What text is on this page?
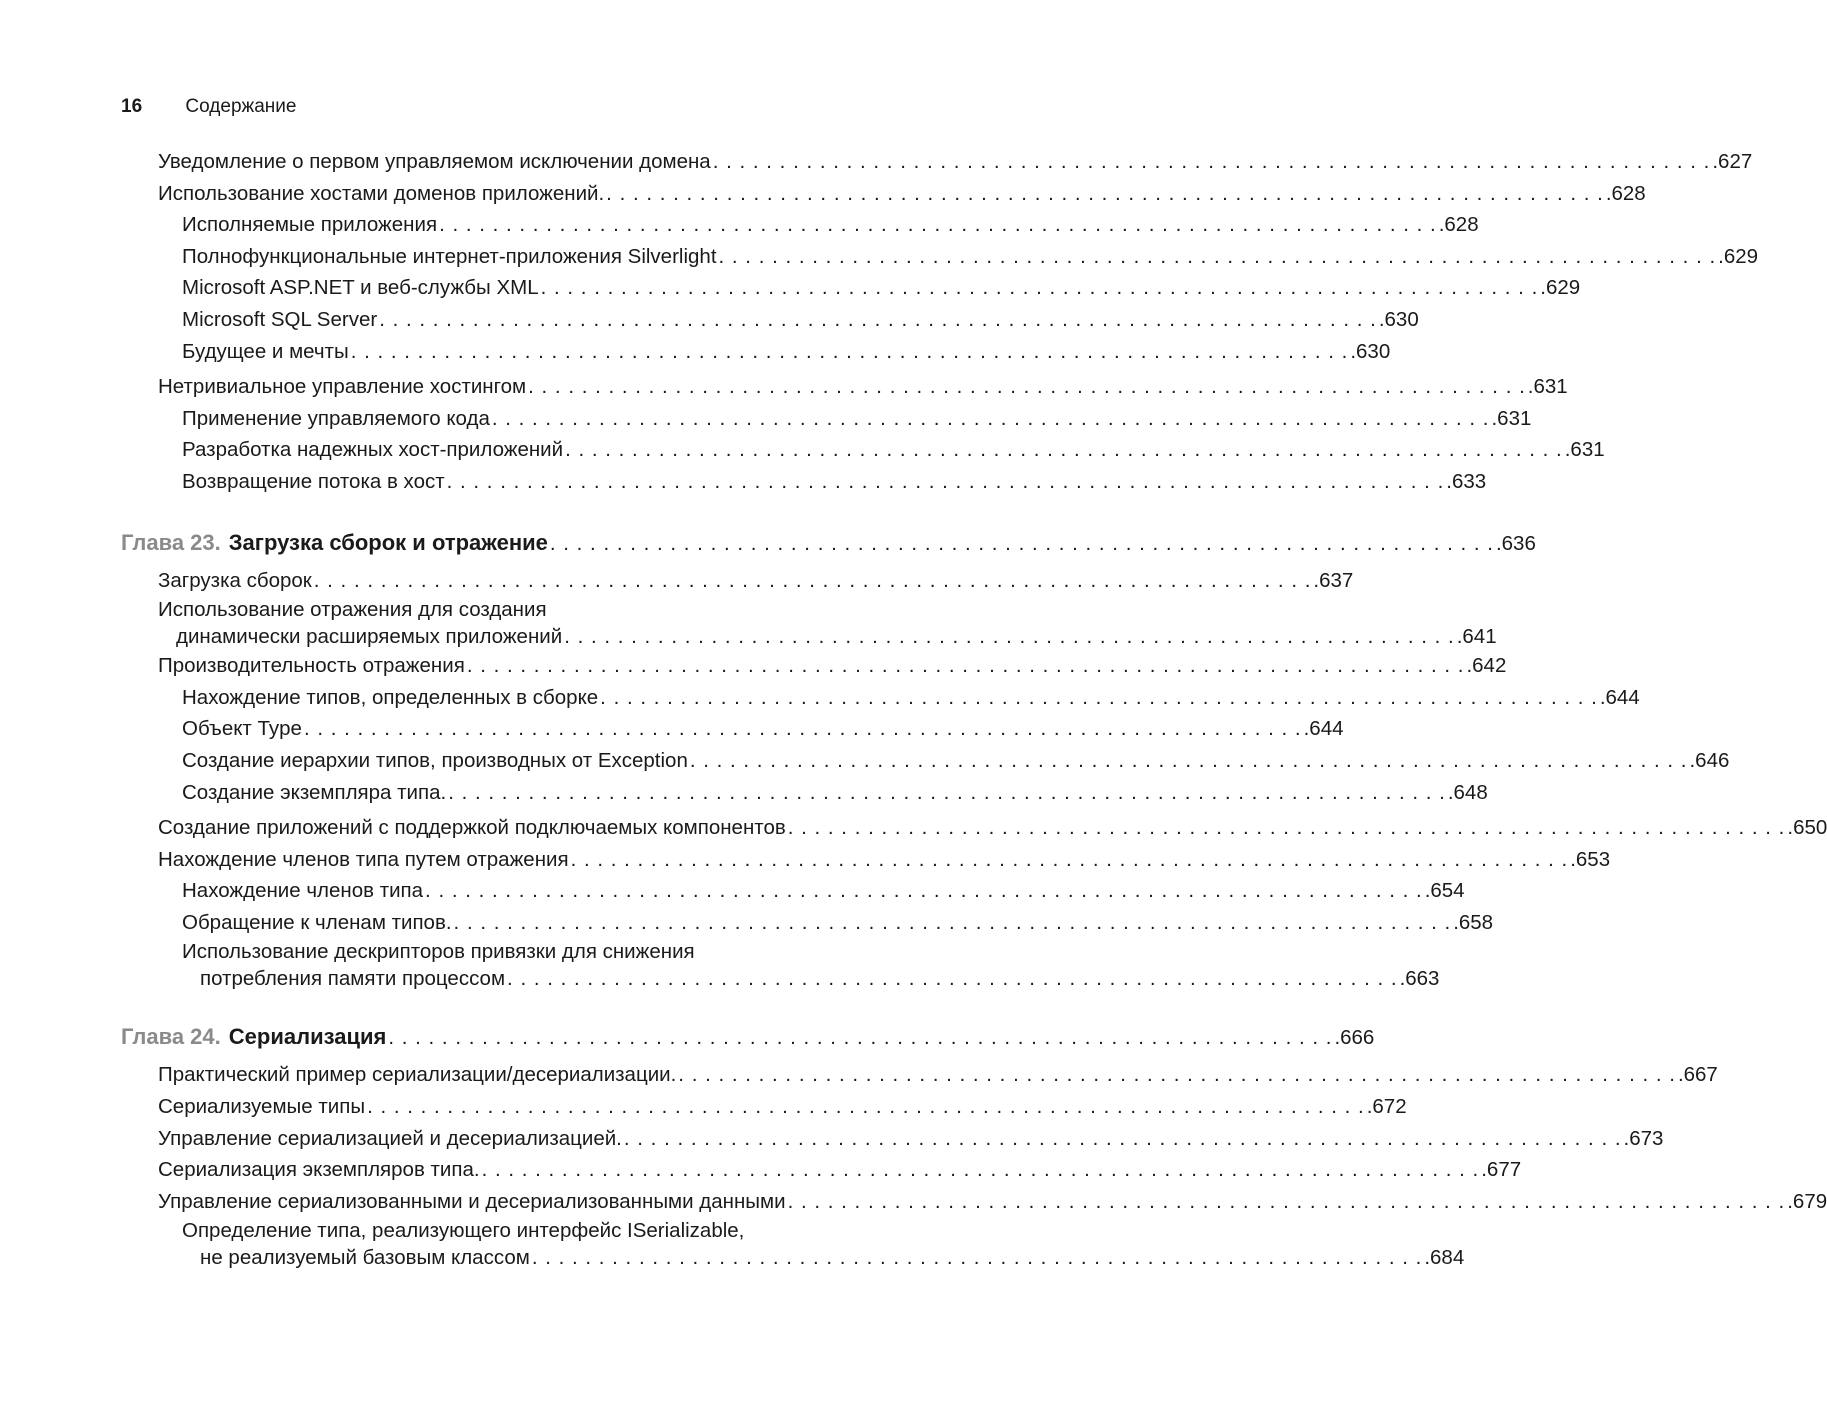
16 Содержание
Уведомление о первом управляемом исключении домена . . . . . . . . . . . . . . . . . . . . . . . . . . . . . . . . . . . . . . . . . . . . . . . . . . . . . . . . . . . . . . . . . . . . . . . . . . . .627
Использование хостами доменов приложений. . . . . . . . . . . . . . . . . . . . . . . . . . . . . . . . . . . . . . . . . . . . . . . . . . . . . . . . . . . . . . . . . . . . . . . . . . . . .628
Исполняемые приложения . . . . . . . . . . . . . . . . . . . . . . . . . . . . . . . . . . . . . . . . . . . . . . . . . . . . . . . . . . . . . . . . . . . . . . . . . . . .628
Полнофункциональные интернет-приложения Silverlight . . . . . . . . . . . . . . . . . . . . . . . . . . . . . . . . . . . . . . . . . . . . . . . . . . . . . . . . . . . . . . . . . . . . . . . . . . . .629
Microsoft ASP.NET и веб-службы XML . . . . . . . . . . . . . . . . . . . . . . . . . . . . . . . . . . . . . . . . . . . . . . . . . . . . . . . . . . . . . . . . . . . . . . . . . . . .629
Microsoft SQL Server . . . . . . . . . . . . . . . . . . . . . . . . . . . . . . . . . . . . . . . . . . . . . . . . . . . . . . . . . . . . . . . . . . . . . . . . . . . .630
Будущее и мечты . . . . . . . . . . . . . . . . . . . . . . . . . . . . . . . . . . . . . . . . . . . . . . . . . . . . . . . . . . . . . . . . . . . . . . . . . . . .630
Нетривиальное управление хостингом . . . . . . . . . . . . . . . . . . . . . . . . . . . . . . . . . . . . . . . . . . . . . . . . . . . . . . . . . . . . . . . . . . . . . . . . . . . .631
Применение управляемого кода . . . . . . . . . . . . . . . . . . . . . . . . . . . . . . . . . . . . . . . . . . . . . . . . . . . . . . . . . . . . . . . . . . . . . . . . . . . .631
Разработка надежных хост-приложений . . . . . . . . . . . . . . . . . . . . . . . . . . . . . . . . . . . . . . . . . . . . . . . . . . . . . . . . . . . . . . . . . . . . . . . . . . . .631
Возвращение потока в хост . . . . . . . . . . . . . . . . . . . . . . . . . . . . . . . . . . . . . . . . . . . . . . . . . . . . . . . . . . . . . . . . . . . . . . . . . . . .633
Глава 23. Загрузка сборок и отражение . . . . . . . . . . . . . . . . . . . . . . . . . . . . . . . . . . . . . . . . . . . . . . . . . . . . . . . . . . . . . . . . . . . . . . . .636
Загрузка сборок . . . . . . . . . . . . . . . . . . . . . . . . . . . . . . . . . . . . . . . . . . . . . . . . . . . . . . . . . . . . . . . . . . . . . . . . . . . .637
Использование отражения для создания
динамически расширяемых приложений . . . . . . . . . . . . . . . . . . . . . . . . . . . . . . . . . . . . . . . . . . . . . . . . . . . . . . . . . . . . . . . . . . . .641
Производительность отражения . . . . . . . . . . . . . . . . . . . . . . . . . . . . . . . . . . . . . . . . . . . . . . . . . . . . . . . . . . . . . . . . . . . . . . . . . . . .642
Нахождение типов, определенных в сборке . . . . . . . . . . . . . . . . . . . . . . . . . . . . . . . . . . . . . . . . . . . . . . . . . . . . . . . . . . . . . . . . . . . . . . . . . . . .644
Объект Type . . . . . . . . . . . . . . . . . . . . . . . . . . . . . . . . . . . . . . . . . . . . . . . . . . . . . . . . . . . . . . . . . . . . . . . . . . . .644
Создание иерархии типов, производных от Exception . . . . . . . . . . . . . . . . . . . . . . . . . . . . . . . . . . . . . . . . . . . . . . . . . . . . . . . . . . . . . . . . . . . . . . . . . . . .646
Создание экземпляра типа. . . . . . . . . . . . . . . . . . . . . . . . . . . . . . . . . . . . . . . . . . . . . . . . . . . . . . . . . . . . . . . . . . . . . . . . . . . . .648
Создание приложений с поддержкой подключаемых компонентов . . . . . . . . . . . . . . . . . . . . . . . . . . . . . . . . . . . . . . . . . . . . . . . . . . . . . . . . . . . . . . . . . . . . . . . . . . . .650
Нахождение членов типа путем отражения . . . . . . . . . . . . . . . . . . . . . . . . . . . . . . . . . . . . . . . . . . . . . . . . . . . . . . . . . . . . . . . . . . . . . . . . . . . .653
Нахождение членов типа . . . . . . . . . . . . . . . . . . . . . . . . . . . . . . . . . . . . . . . . . . . . . . . . . . . . . . . . . . . . . . . . . . . . . . . . . . . .654
Обращение к членам типов. . . . . . . . . . . . . . . . . . . . . . . . . . . . . . . . . . . . . . . . . . . . . . . . . . . . . . . . . . . . . . . . . . . . . . . . . . . . .658
Использование дескрипторов привязки для снижения
потребления памяти процессом . . . . . . . . . . . . . . . . . . . . . . . . . . . . . . . . . . . . . . . . . . . . . . . . . . . . . . . . . . . . . . . . . . . .663
Глава 24. Сериализация . . . . . . . . . . . . . . . . . . . . . . . . . . . . . . . . . . . . . . . . . . . . . . . . . . . . . . . . . . . . . . . . . . . . . . . .666
Практический пример сериализации/десериализации. . . . . . . . . . . . . . . . . . . . . . . . . . . . . . . . . . . . . . . . . . . . . . . . . . . . . . . . . . . . . . . . . . . . . . . . . . . . .667
Сериализуемые типы . . . . . . . . . . . . . . . . . . . . . . . . . . . . . . . . . . . . . . . . . . . . . . . . . . . . . . . . . . . . . . . . . . . . . . . . . . . .672
Управление сериализацией и десериализацией. . . . . . . . . . . . . . . . . . . . . . . . . . . . . . . . . . . . . . . . . . . . . . . . . . . . . . . . . . . . . . . . . . . . . . . . . . . . .673
Сериализация экземпляров типа. . . . . . . . . . . . . . . . . . . . . . . . . . . . . . . . . . . . . . . . . . . . . . . . . . . . . . . . . . . . . . . . . . . . . . . . . . . . .677
Управление сериализованными и десериализованными данными . . . . . . . . . . . . . . . . . . . . . . . . . . . . . . . . . . . . . . . . . . . . . . . . . . . . . . . . . . . . . . . . . . . . . . . . . . . .679
Определение типа, реализующего интерфейс ISerializable,
не реализуемый базовым классом . . . . . . . . . . . . . . . . . . . . . . . . . . . . . . . . . . . . . . . . . . . . . . . . . . . . . . . . . . . . . . . . . . . .684
